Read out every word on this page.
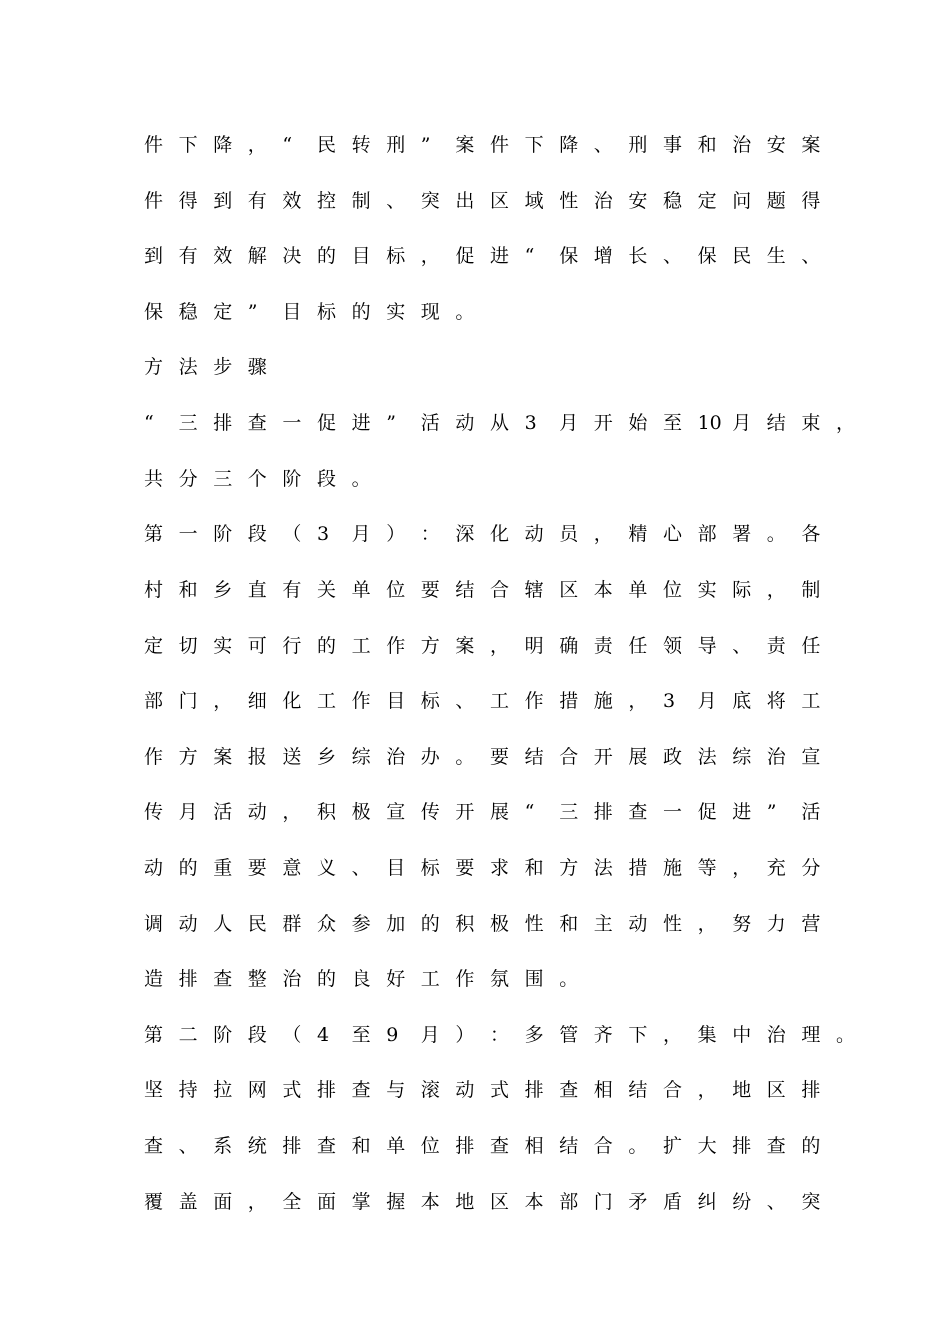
件 下 降 ， “ 民 转 刑 ” 案 件 下 降 、 刑 事 和 治 安 案

件 得 到 有 效 控 制 、 突 出 区 域 性 治 安 稳 定 问 题 得

到 有 效 解 决 的 目 标 ， 促 进 “ 保 增 长 、 保 民 生 、

保 稳 定 ” 目 标 的 实 现 。

方 法 步 骤

“ 三 排 查 一 促 进 ” 活 动 从 3 月 开 始 至 10 月 结 束 ，

共 分 三 个 阶 段 。

第 一 阶 段 （ 3 月 ） ： 深 化 动 员 ， 精 心 部 署 。 各

村 和 乡 直 有 关 单 位 要 结 合 辖 区 本 单 位 实 际 ， 制

定 切 实 可 行 的 工 作 方 案 ， 明 确 责 任 领 导 、 责 任

部 门 ， 细 化 工 作 目 标 、 工 作 措 施 ， 3 月 底 将 工

作 方 案 报 送 乡 综 治 办 。 要 结 合 开 展 政 法 综 治 宣

传 月 活 动 ， 积 极 宣 传 开 展 “ 三 排 查 一 促 进 ” 活

动 的 重 要 意 义 、 目 标 要 求 和 方 法 措 施 等 ， 充 分

调 动 人 民 群 众 参 加 的 积 极 性 和 主 动 性 ， 努 力 营

造 排 查 整 治 的 良 好 工 作 氛 围 。

第 二 阶 段 （ 4 至 9 月 ） ： 多 管 齐 下 ， 集 中 治 理 。

坚 持 拉 网 式 排 查 与 滚 动 式 排 查 相 结 合 ， 地 区 排

查 、 系 统 排 查 和 单 位 排 查 相 结 合 。 扩 大 排 查 的

覆 盖 面 ， 全 面 掌 握 本 地 区 本 部 门 矛 盾 纠 纷 、 突
